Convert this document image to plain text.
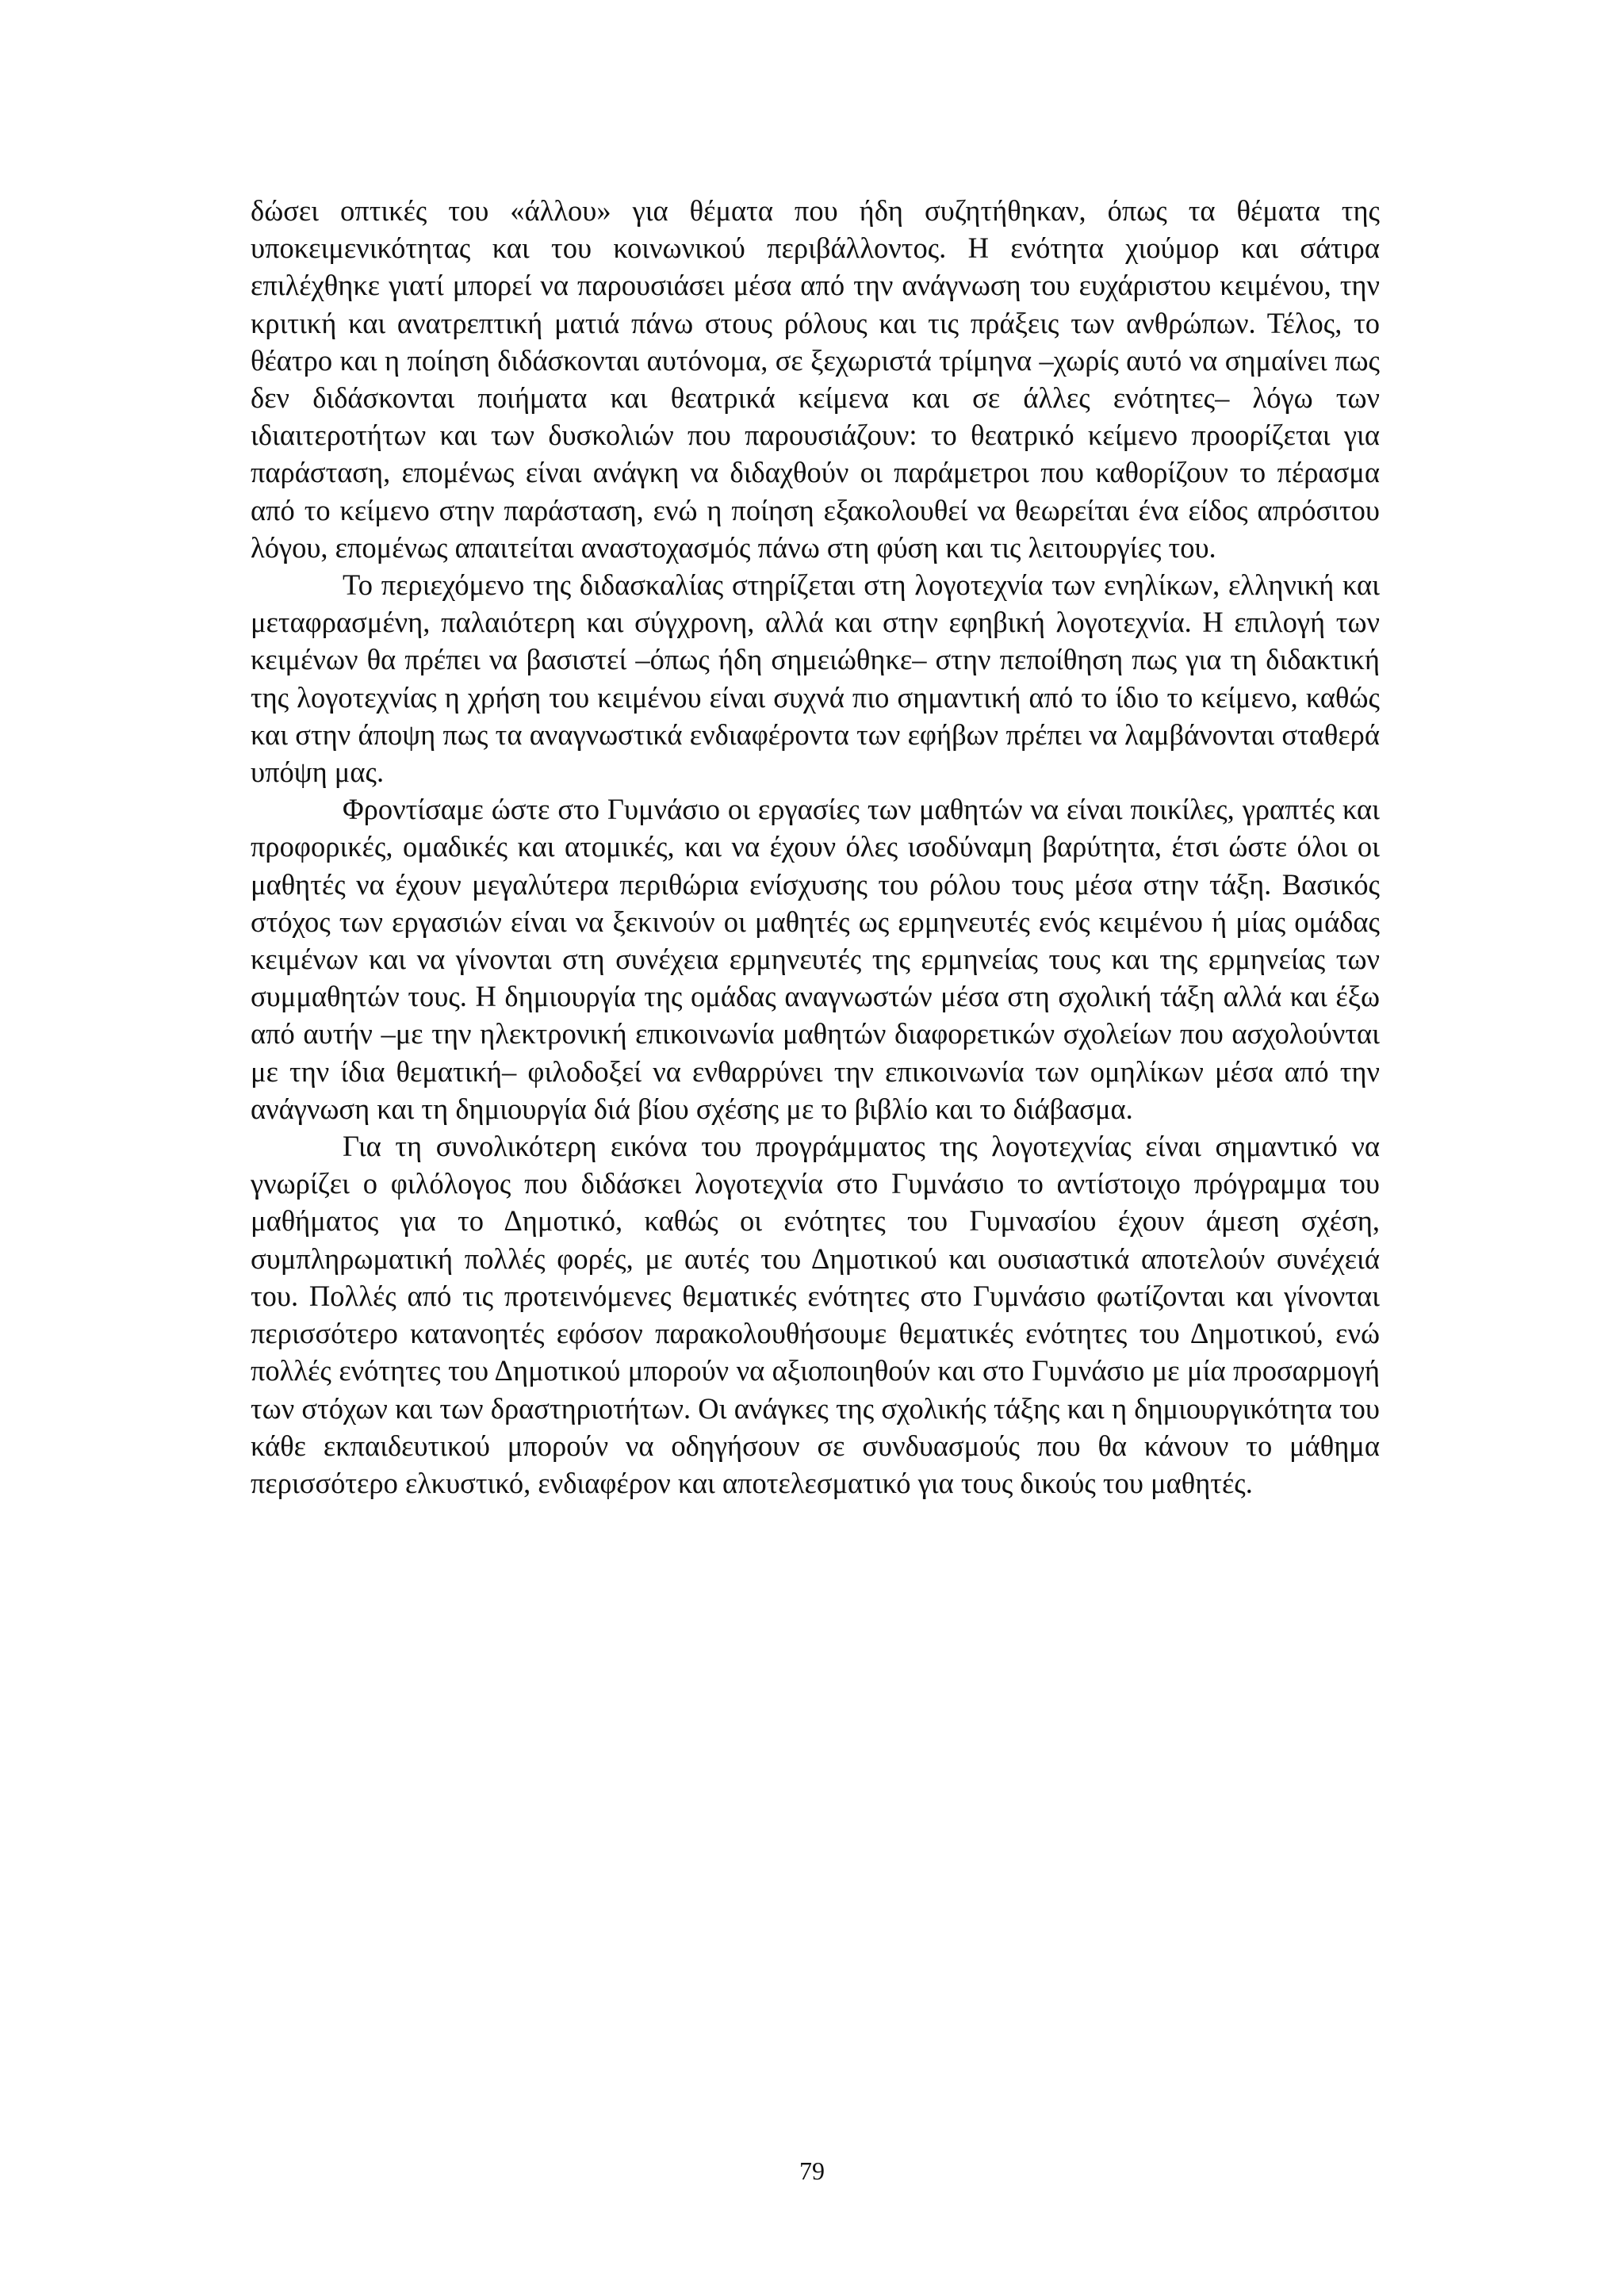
δώσει οπτικές του «άλλου» για θέματα που ήδη συζητήθηκαν, όπως τα θέματα της υποκειμενικότητας και του κοινωνικού περιβάλλοντος. Η ενότητα χιούμορ και σάτιρα επιλέχθηκε γιατί μπορεί να παρουσιάσει μέσα από την ανάγνωση του ευχάριστου κειμένου, την κριτική και ανατρεπτική ματιά πάνω στους ρόλους και τις πράξεις των ανθρώπων. Τέλος, το θέατρο και η ποίηση διδάσκονται αυτόνομα, σε ξεχωριστά τρίμηνα –χωρίς αυτό να σημαίνει πως δεν διδάσκονται ποιήματα και θεατρικά κείμενα και σε άλλες ενότητες– λόγω των ιδιαιτεροτήτων και των δυσκολιών που παρουσιάζουν: το θεατρικό κείμενο προορίζεται για παράσταση, επομένως είναι ανάγκη να διδαχθούν οι παράμετροι που καθορίζουν το πέρασμα από το κείμενο στην παράσταση, ενώ η ποίηση εξακολουθεί να θεωρείται ένα είδος απρόσιτου λόγου, επομένως απαιτείται αναστοχασμός πάνω στη φύση και τις λειτουργίες του.

Το περιεχόμενο της διδασκαλίας στηρίζεται στη λογοτεχνία των ενηλίκων, ελληνική και μεταφρασμένη, παλαιότερη και σύγχρονη, αλλά και στην εφηβική λογοτεχνία. Η επιλογή των κειμένων θα πρέπει να βασιστεί –όπως ήδη σημειώθηκε– στην πεποίθηση πως για τη διδακτική της λογοτεχνίας η χρήση του κειμένου είναι συχνά πιο σημαντική από το ίδιο το κείμενο, καθώς και στην άποψη πως τα αναγνωστικά ενδιαφέροντα των εφήβων πρέπει να λαμβάνονται σταθερά υπόψη μας.

Φροντίσαμε ώστε στο Γυμνάσιο οι εργασίες των μαθητών να είναι ποικίλες, γραπτές και προφορικές, ομαδικές και ατομικές, και να έχουν όλες ισοδύναμη βαρύτητα, έτσι ώστε όλοι οι μαθητές να έχουν μεγαλύτερα περιθώρια ενίσχυσης του ρόλου τους μέσα στην τάξη. Βασικός στόχος των εργασιών είναι να ξεκινούν οι μαθητές ως ερμηνευτές ενός κειμένου ή μίας ομάδας κειμένων και να γίνονται στη συνέχεια ερμηνευτές της ερμηνείας τους και της ερμηνείας των συμμαθητών τους. Η δημιουργία της ομάδας αναγνωστών μέσα στη σχολική τάξη αλλά και έξω από αυτήν –με την ηλεκτρονική επικοινωνία μαθητών διαφορετικών σχολείων που ασχολούνται με την ίδια θεματική– φιλοδοξεί να ενθαρρύνει την επικοινωνία των ομηλίκων μέσα από την ανάγνωση και τη δημιουργία διά βίου σχέσης με το βιβλίο και το διάβασμα.

Για τη συνολικότερη εικόνα του προγράμματος της λογοτεχνίας είναι σημαντικό να γνωρίζει ο φιλόλογος που διδάσκει λογοτεχνία στο Γυμνάσιο το αντίστοιχο πρόγραμμα του μαθήματος για το Δημοτικό, καθώς οι ενότητες του Γυμνασίου έχουν άμεση σχέση, συμπληρωματική πολλές φορές, με αυτές του Δημοτικού και ουσιαστικά αποτελούν συνέχειά του. Πολλές από τις προτεινόμενες θεματικές ενότητες στο Γυμνάσιο φωτίζονται και γίνονται περισσότερο κατανοητές εφόσον παρακολουθήσουμε θεματικές ενότητες του Δημοτικού, ενώ πολλές ενότητες του Δημοτικού μπορούν να αξιοποιηθούν και στο Γυμνάσιο με μία προσαρμογή των στόχων και των δραστηριοτήτων. Οι ανάγκες της σχολικής τάξης και η δημιουργικότητα του κάθε εκπαιδευτικού μπορούν να οδηγήσουν σε συνδυασμούς που θα κάνουν το μάθημα περισσότερο ελκυστικό, ενδιαφέρον και αποτελεσματικό για τους δικούς του μαθητές.

79
